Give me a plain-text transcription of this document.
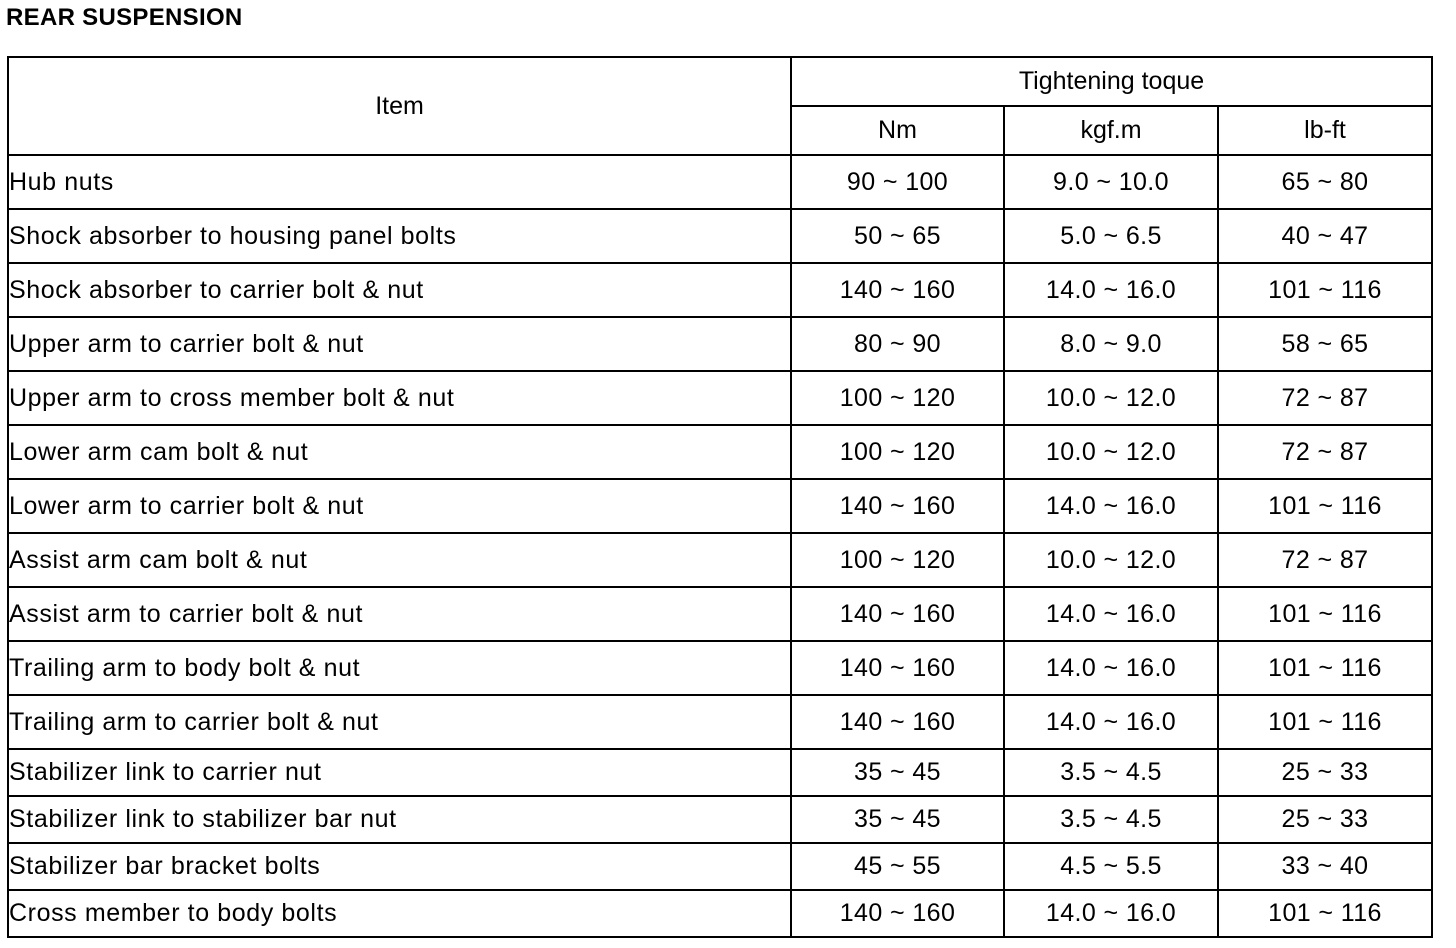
REAR SUSPENSION
Item	Tightening toque		
	Nm	kgf.m	lb-ft
Hub nuts	90 ~ 100	9.0 ~ 10.0	65 ~ 80
Shock absorber to housing panel bolts	50 ~ 65	5.0 ~ 6.5	40 ~ 47
Shock absorber to carrier bolt & nut	140 ~ 160	14.0 ~ 16.0	101 ~ 116
Upper arm to carrier bolt & nut	80 ~ 90	8.0 ~ 9.0	58 ~ 65
Upper arm to cross member bolt & nut	100 ~ 120	10.0 ~ 12.0	72 ~ 87
Lower arm cam bolt & nut	100 ~ 120	10.0 ~ 12.0	72 ~ 87
Lower arm to carrier bolt & nut	140 ~ 160	14.0 ~ 16.0	101 ~ 116
Assist arm cam bolt & nut	100 ~ 120	10.0 ~ 12.0	72 ~ 87
Assist arm to carrier bolt & nut	140 ~ 160	14.0 ~ 16.0	101 ~ 116
Trailing arm to body bolt & nut	140 ~ 160	14.0 ~ 16.0	101 ~ 116
Trailing arm to carrier bolt & nut	140 ~ 160	14.0 ~ 16.0	101 ~ 116
Stabilizer link to carrier nut	35 ~ 45	3.5 ~ 4.5	25 ~ 33
Stabilizer link to stabilizer bar nut	35 ~ 45	3.5 ~ 4.5	25 ~ 33
Stabilizer bar bracket bolts	45 ~ 55	4.5 ~ 5.5	33 ~ 40
Cross member to body bolts	140 ~ 160	14.0 ~ 16.0	101 ~ 116
